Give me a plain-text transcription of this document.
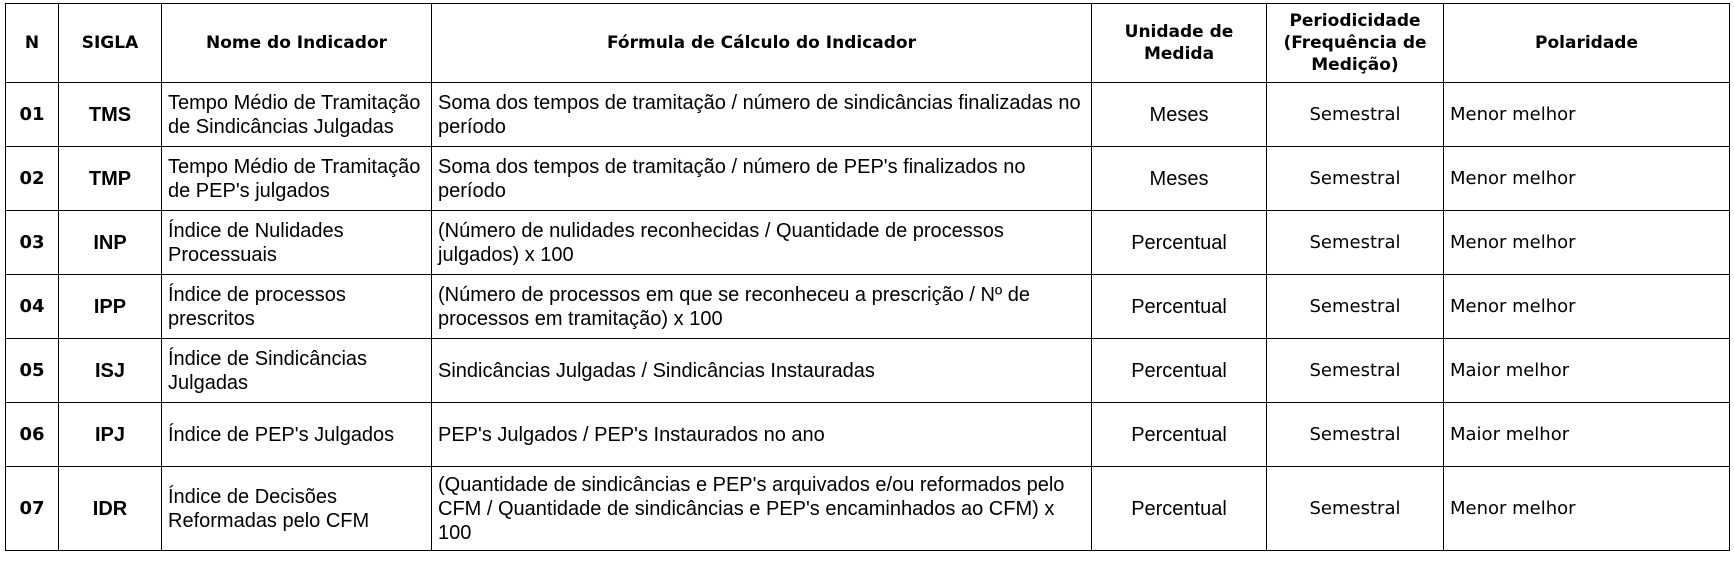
N	SIGLA	Nome do Indicador	Fórmula de Cálculo do Indicador	Unidade de Medida	Periodicidade (Frequência de Medição)	Polaridade
01	TMS	Tempo Médio de Tramitação de Sindicâncias Julgadas	Soma dos tempos de tramitação / número de sindicâncias finalizadas no período	Meses	Semestral	Menor melhor
02	TMP	Tempo Médio de Tramitação de PEP's julgados	Soma dos tempos de tramitação / número de PEP's finalizados no período	Meses	Semestral	Menor melhor
03	INP	Índice de Nulidades Processuais	(Número de nulidades reconhecidas / Quantidade de processos julgados) x 100	Percentual	Semestral	Menor melhor
04	IPP	Índice de processos prescritos	(Número de processos em que se reconheceu a prescrição / Nº de processos em tramitação) x 100	Percentual	Semestral	Menor melhor
05	ISJ	Índice de Sindicâncias Julgadas	Sindicâncias Julgadas / Sindicâncias Instauradas	Percentual	Semestral	Maior melhor
06	IPJ	Índice de PEP's Julgados	PEP's Julgados / PEP's Instaurados no ano	Percentual	Semestral	Maior melhor
07	IDR	Índice de Decisões Reformadas pelo CFM	(Quantidade de sindicâncias e PEP's arquivados e/ou reformados pelo CFM / Quantidade de sindicâncias e PEP's encaminhados ao CFM) x 100	Percentual	Semestral	Menor melhor
